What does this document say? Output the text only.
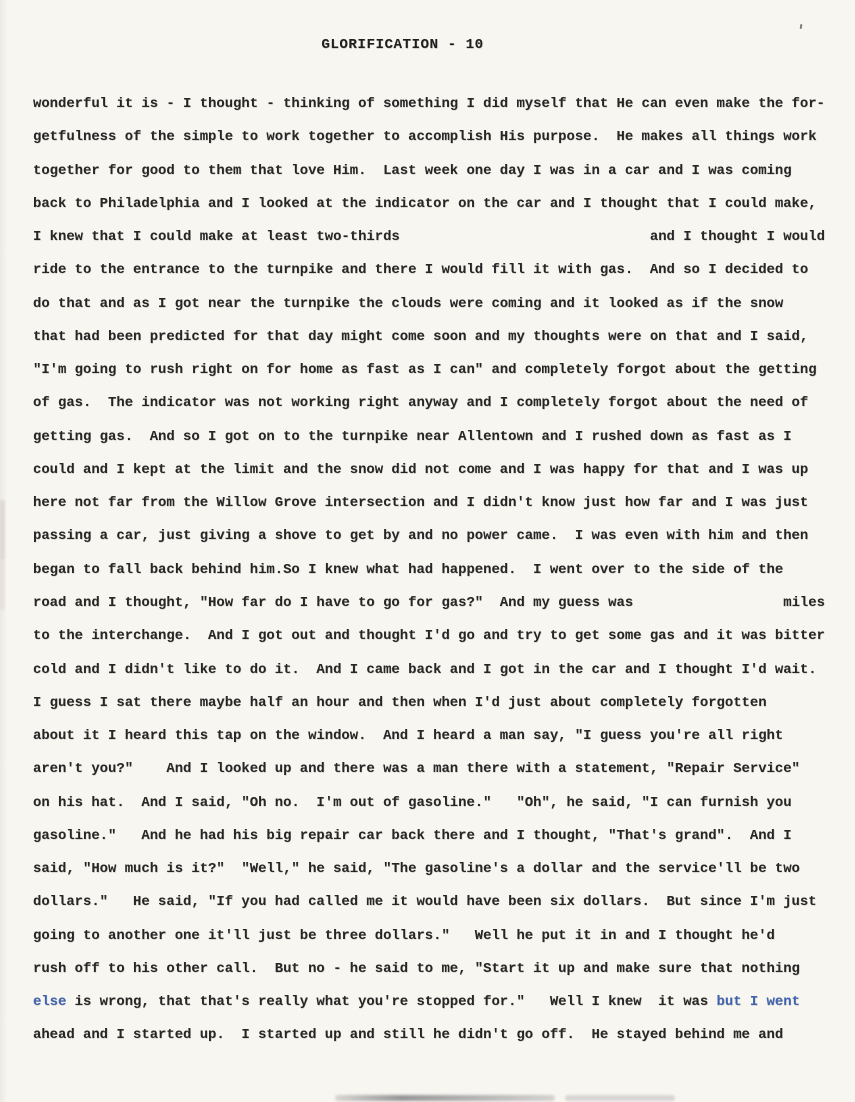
GLORIFICATION - 10
wonderful it is - I thought - thinking of something I did myself that He can even make the for-
getfulness of the simple to work together to accomplish His purpose.  He makes all things work
together for good to them that love Him.  Last week one day I was in a car and I was coming
back to Philadelphia and I looked at the indicator on the car and I thought that I could make,
I knew that I could make at least two-thirds	and I thought I would
ride to the entrance to the turnpike and there I would fill it with gas.  And so I decided to
do that and as I got near the turnpike the clouds were coming and it looked as if the snow
that had been predicted for that day might come soon and my thoughts were on that and I said,
"I'm going to rush right on for home as fast as I can" and completely forgot about the getting
of gas.  The indicator was not working right anyway and I completely forgot about the need of
getting gas.  And so I got on to the turnpike near Allentown and I rushed down as fast as I
could and I kept at the limit and the snow did not come and I was happy for that and I was up
here not far from the Willow Grove intersection and I didn't know just how far and I was just
passing a car, just giving a shove to get by and no power came.  I was even with him and then
began to fall back behind him.So I knew what had happened.  I went over to the side of the
road and I thought, "How far do I have to go for gas?"  And my guess was	miles
to the interchange.  And I got out and thought I'd go and try to get some gas and it was bitter
cold and I didn't like to do it.  And I came back and I got in the car and I thought I'd wait.
I guess I sat there maybe half an hour and then when I'd just about completely forgotten
about it I heard this tap on the window.  And I heard a man say, "I guess you're all right
aren't you?"    And I looked up and there was a man there with a statement, "Repair Service"
on his hat.  And I said, "Oh no.  I'm out of gasoline."   "Oh", he said, "I can furnish you
gasoline."   And he had his big repair car back there and I thought, "That's grand".  And I
said, "How much is it?"  "Well," he said, "The gasoline's a dollar and the service'll be two
dollars."   He said, "If you had called me it would have been six dollars.  But since I'm just
going to another one it'll just be three dollars."   Well he put it in and I thought he'd
rush off to his other call.  But no - he said to me, "Start it up and make sure that nothing
else is wrong, that that's really what you're stopped for."   Well I knew  it was but I went
ahead and I started up.  I started up and still he didn't go off.  He stayed behind me and
